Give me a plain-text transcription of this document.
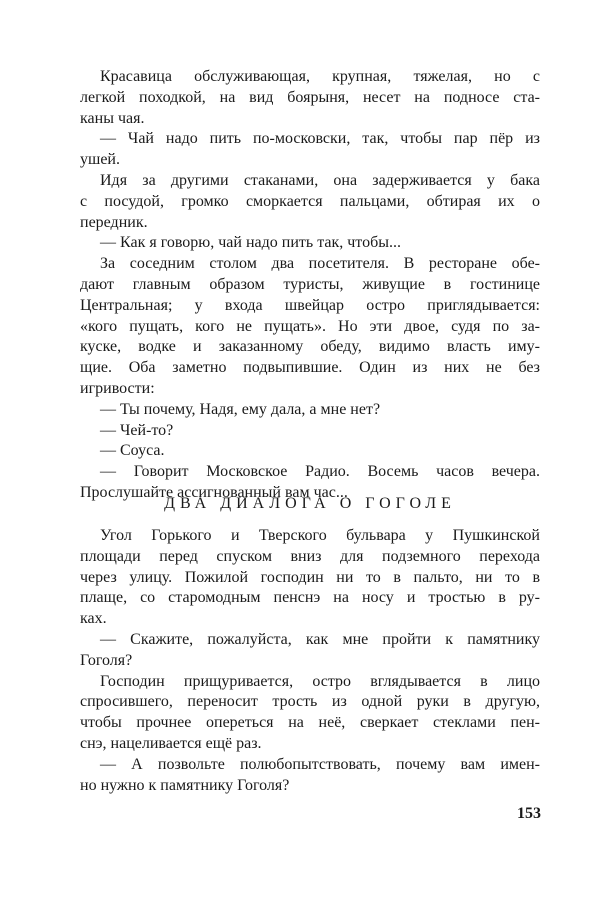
Красавица обслуживающая, крупная, тяжелая, но с
легкой походкой, на вид боярыня, несет на подносе ста-
каны чая.
— Чай надо пить по-московски, так, чтобы пар пёр из
ушей.
Идя за другими стаканами, она задерживается у бака
с посудой, громко сморкается пальцами, обтирая их о
передник.
— Как я говорю, чай надо пить так, чтобы...
За соседним столом два посетителя. В ресторане обе-
дают главным образом туристы, живущие в гостинице
Центральная; у входа швейцар остро приглядывается:
«кого пущать, кого не пущать». Но эти двое, судя по за-
куске, водке и заказанному обеду, видимо власть иму-
щие. Оба заметно подвыпившие. Один из них не без
игривости:
— Ты почему, Надя, ему дала, а мне нет?
— Чей-то?
— Соуса.
— Говорит Московское Радио. Восемь часов вечера.
Прослушайте ассигнованный вам час...
ДВА ДИАЛОГА О ГОГОЛЕ
Угол Горького и Тверского бульвара у Пушкинской
площади перед спуском вниз для подземного перехода
через улицу. Пожилой господин ни то в пальто, ни то в
плаще, со старомодным пенснэ на носу и тростью в ру-
ках.
— Скажите, пожалуйста, как мне пройти к памятнику
Гоголя?
Господин прищуривается, остро вглядывается в лицо
спросившего, переносит трость из одной руки в другую,
чтобы прочнее опереться на неё, сверкает стеклами пен-
снэ, нацеливается ещё раз.
— А позвольте полюбопытствовать, почему вам имен-
но нужно к памятнику Гоголя?
153
